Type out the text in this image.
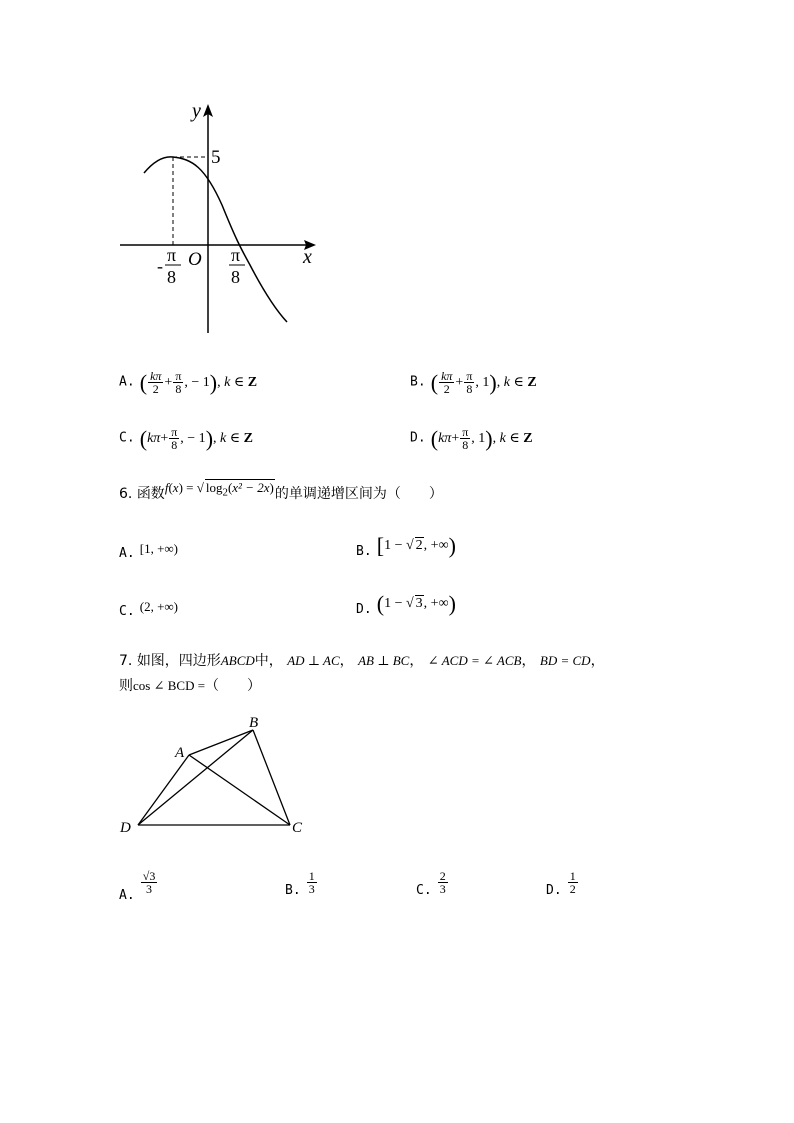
y
x
O
5
-
π
8
π
8
A. ( $\frac{k\pi}{2} + \frac{\pi}{8}$ , − 1), k ∈ Z	B. ( $\frac{k\pi}{2} + \frac{\pi}{8}$ , 1), k ∈ Z
C. ($k\pi+ \frac{\pi}{8}$ , − 1), k ∈ Z	D. ($k\pi+ \frac{\pi}{8}$ , 1), k ∈ Z
6. 函数f(x) = √ $\log_2(x^2 - 2x)$的单调递增区间为（　　）
A. $^{[1, +\infty)}$	B. [1 − √ 2, +∞)
C. $^{(2, +\infty)}$	D. (1 − √ 3, +∞)
7. 如图，四边形ABCD中， AD ⊥ AC， AB ⊥ BC， ∠ ACD = ∠ ACB， BD = CD，
则cos ∠ BCD =（　　）
A
B
C
D
$_{A.}$
$\frac{√3}{3}$	$_{B.} \frac{1}{3}$	$_{C.} \frac{2}{3}$	$_{D.} \frac{1}{2}$
